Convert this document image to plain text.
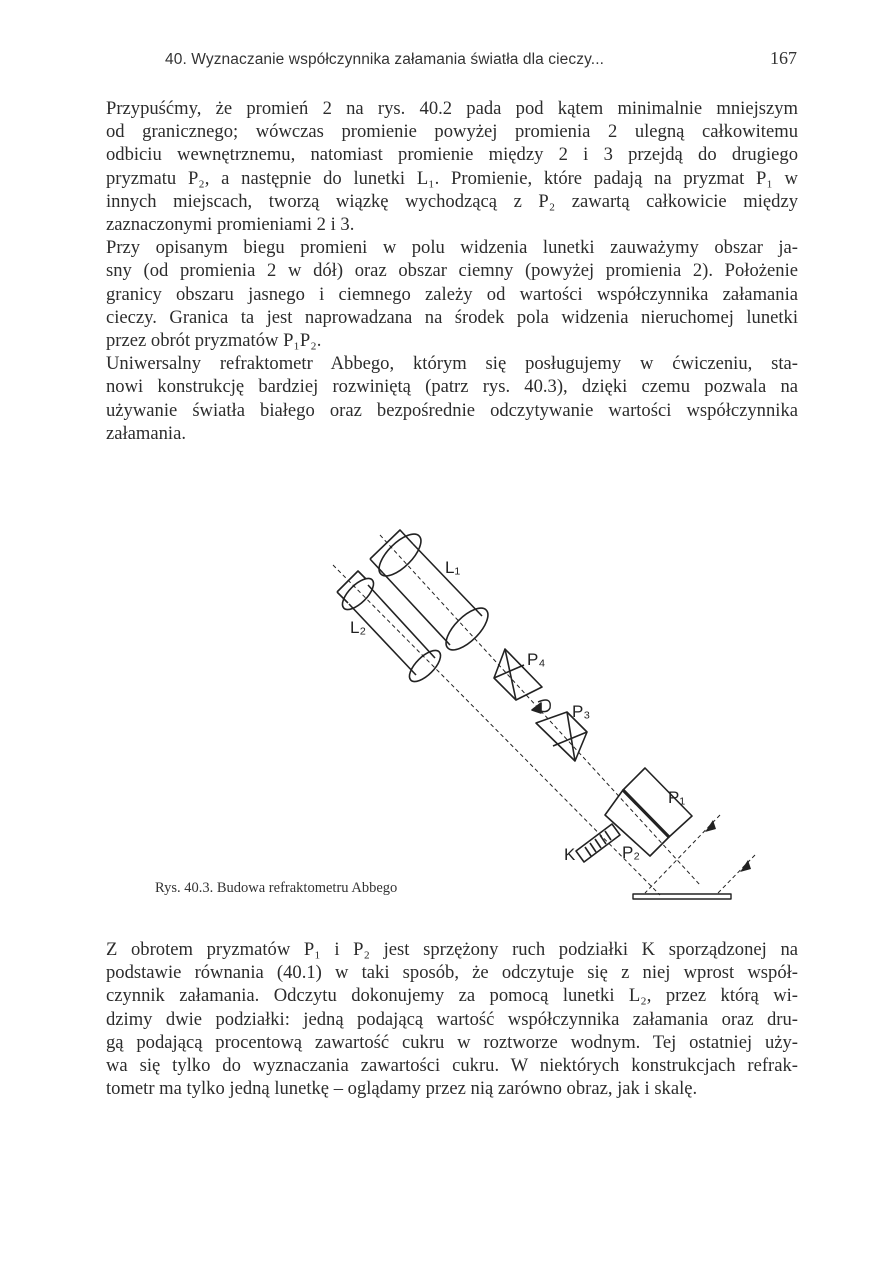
40. Wyznaczanie współczynnika załamania światła dla cieczy...	167

Przypuśćmy, że promień 2 na rys. 40.2 pada pod kątem minimalnie mniejszym
od granicznego; wówczas promienie powyżej promienia 2 ulegną całkowitemu
odbiciu wewnętrznemu, natomiast promienie między 2 i 3 przejdą do drugiego
pryzmatu P₂, a następnie do lunetki L₁. Promienie, które padają na pryzmat P₁ w
innych miejscach, tworzą wiązkę wychodzącą z P₂ zawartą całkowicie między
zaznaczonymi promieniami 2 i 3.

Przy opisanym biegu promieni w polu widzenia lunetki zauważymy obszar ja-
sny (od promienia 2 w dół) oraz obszar ciemny (powyżej promienia 2). Położenie
granicy obszaru jasnego i ciemnego zależy od wartości współczynnika załamania
cieczy. Granica ta jest naprowadzana na środek pola widzenia nieruchomej lunetki
przez obrót pryzmatów P₁P₂.

Uniwersalny refraktometr Abbego, którym się posługujemy w ćwiczeniu, sta-
nowi konstrukcję bardziej rozwiniętą (patrz rys. 40.3), dzięki czemu pozwala na
używanie światła białego oraz bezpośrednie odczytywanie wartości współczynnika
załamania.

L₁
L₂
P₄
P₃
P₁
P₂
K
Rys. 40.3. Budowa refraktometru Abbego

Z obrotem pryzmatów P₁ i P₂ jest sprzężony ruch podziałki K sporządzonej na
podstawie równania (40.1) w taki sposób, że odczytuje się z niej wprost współ-
czynnik załamania. Odczytu dokonujemy za pomocą lunetki L₂, przez którą wi-
dzimy dwie podziałki: jedną podającą wartość współczynnika załamania oraz dru-
gą podającą procentową zawartość cukru w roztworze wodnym. Tej ostatniej uży-
wa się tylko do wyznaczania zawartości cukru. W niektórych konstrukcjach refrak-
tometr ma tylko jedną lunetkę – oglądamy przez nią zarówno obraz, jak i skalę.
